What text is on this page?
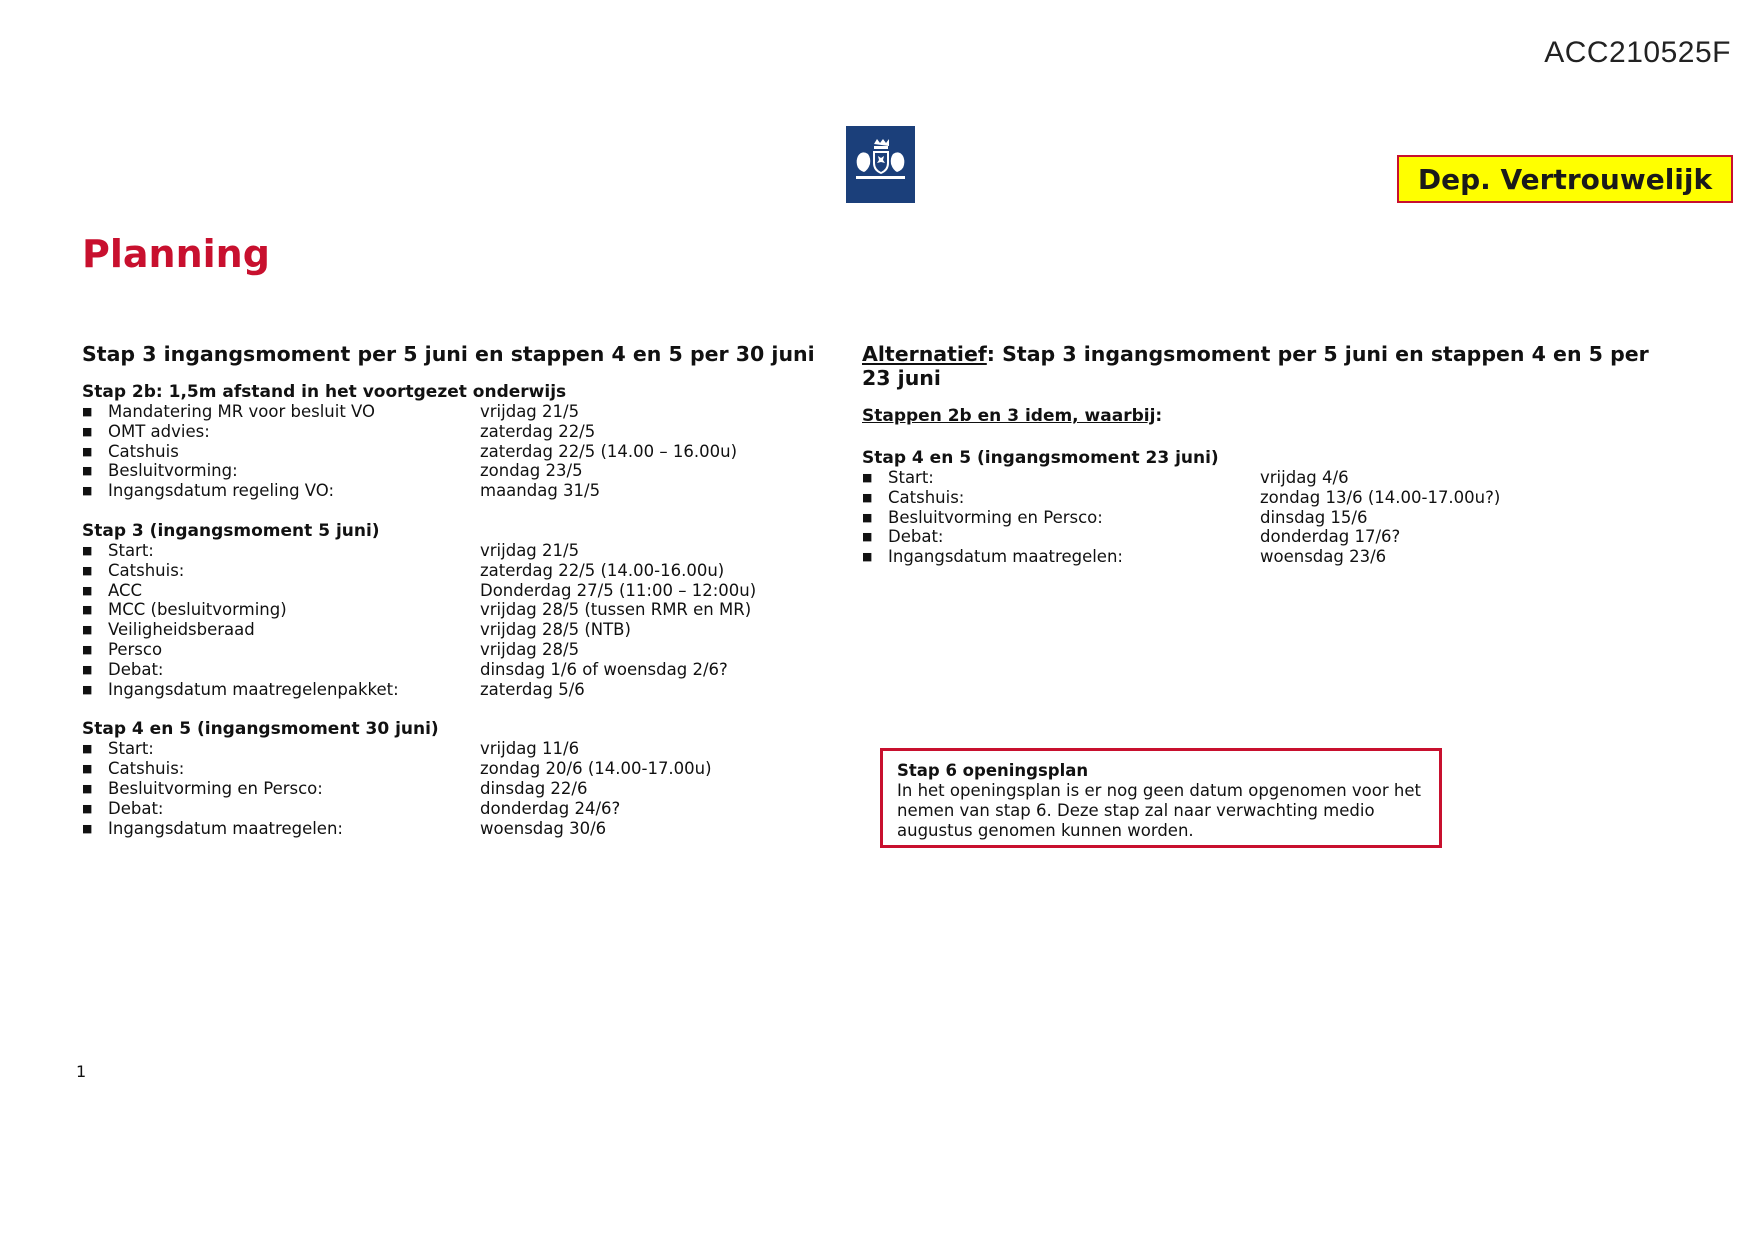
ACC210525F
Dep. Vertrouwelijk
Planning

Stap 3 ingangsmoment per 5 juni en stappen 4 en 5 per 30 juni

Stap 2b: 1,5m afstand in het voortgezet onderwijs

■ Mandatering MR voor besluit VO	vrijdag 21/5
■ OMT advies:	zaterdag 22/5
■ Catshuis	zaterdag 22/5 (14.00 – 16.00u)
■ Besluitvorming:	zondag 23/5
■ Ingangsdatum regeling VO:	maandag 31/5

Stap 3 (ingangsmoment 5 juni)

■ Start:	vrijdag 21/5
■ Catshuis:	zaterdag 22/5 (14.00-16.00u)
■ ACC	Donderdag 27/5 (11:00 – 12:00u)
■ MCC (besluitvorming)	vrijdag 28/5 (tussen RMR en MR)
■ Veiligheidsberaad	vrijdag 28/5 (NTB)
■ Persco	vrijdag 28/5
■ Debat:	dinsdag 1/6 of woensdag 2/6?
■ Ingangsdatum maatregelenpakket:	zaterdag 5/6

Stap 4 en 5 (ingangsmoment 30 juni)

■ Start:	vrijdag 11/6
■ Catshuis:	zondag 20/6 (14.00-17.00u)
■ Besluitvorming en Persco:	dinsdag 22/6
■ Debat:	donderdag 24/6?
■ Ingangsdatum maatregelen:	woensdag 30/6

Alternatief: Stap 3 ingangsmoment per 5 juni en stappen 4 en 5 per 23 juni

Stappen 2b en 3 idem, waarbij:

Stap 4 en 5 (ingangsmoment 23 juni)

■ Start:	vrijdag 4/6
■ Catshuis:	zondag 13/6 (14.00-17.00u?)
■ Besluitvorming en Persco:	dinsdag 15/6
■ Debat:	donderdag 17/6?
■ Ingangsdatum maatregelen:	woensdag 23/6

Stap 6 openingsplan

In het openingsplan is er nog geen datum opgenomen voor het

nemen van stap 6. Deze stap zal naar verwachting medio

augustus genomen kunnen worden.

1
